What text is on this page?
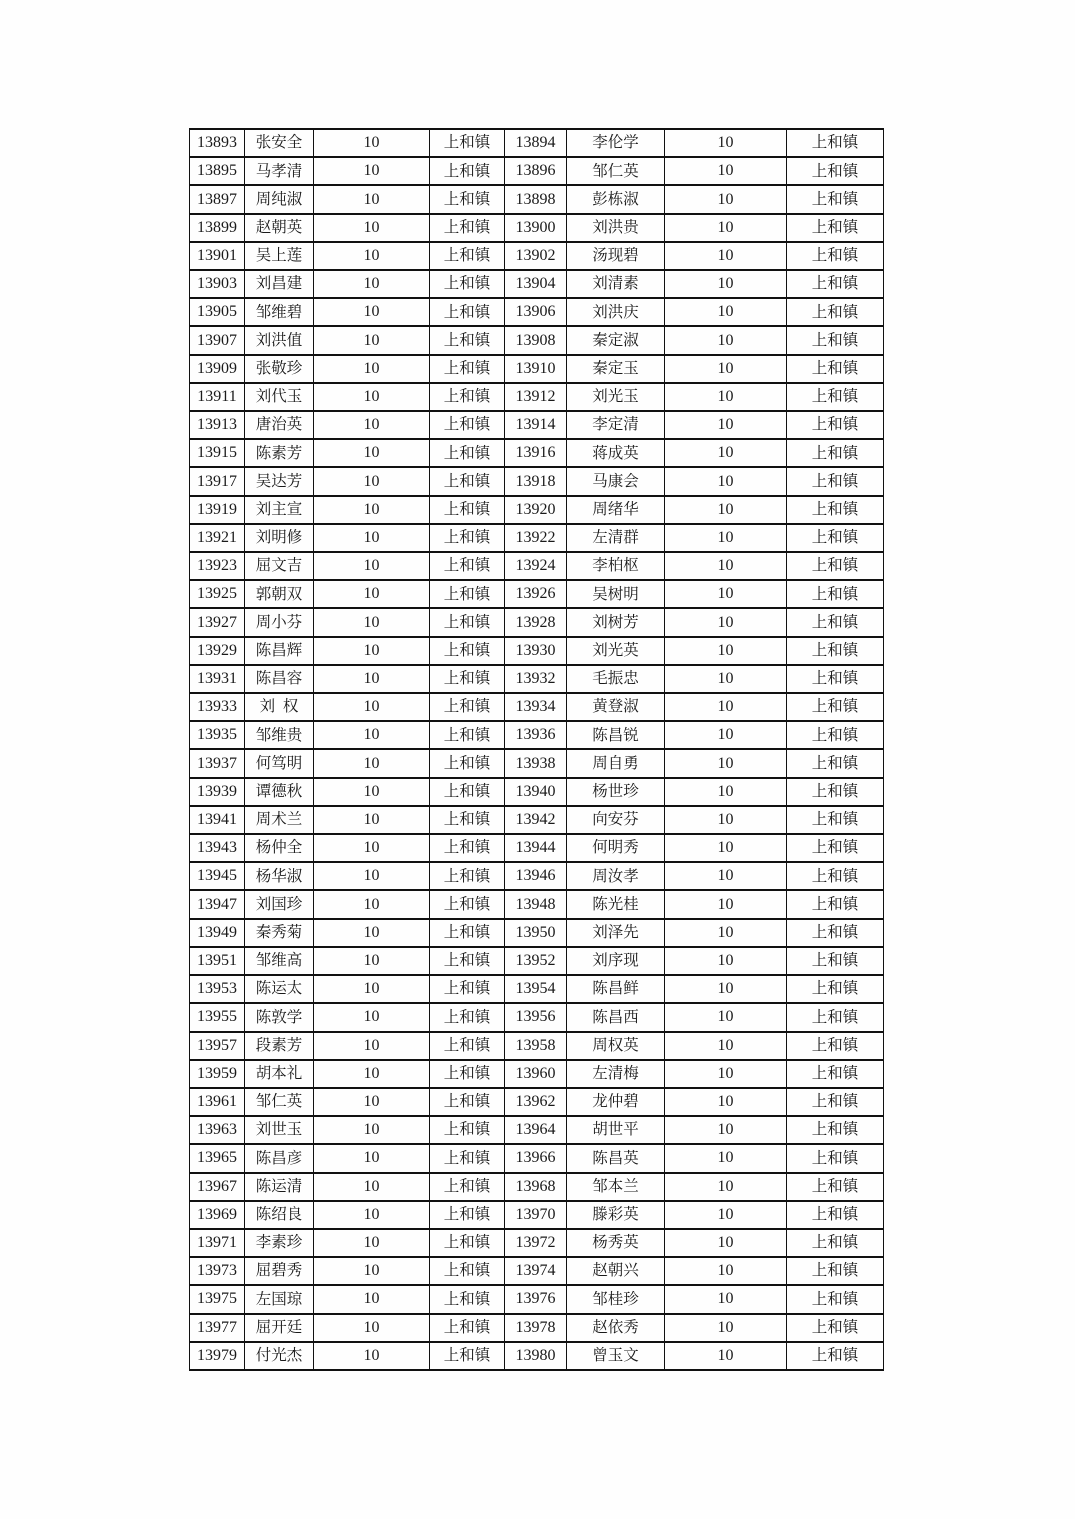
13893	张安全	10	上和镇	13894	李伦学	10	上和镇
13895	马孝清	10	上和镇	13896	邹仁英	10	上和镇
13897	周纯淑	10	上和镇	13898	彭栋淑	10	上和镇
13899	赵朝英	10	上和镇	13900	刘洪贵	10	上和镇
13901	吴上莲	10	上和镇	13902	汤现碧	10	上和镇
13903	刘昌建	10	上和镇	13904	刘清素	10	上和镇
13905	邹维碧	10	上和镇	13906	刘洪庆	10	上和镇
13907	刘洪值	10	上和镇	13908	秦定淑	10	上和镇
13909	张敬珍	10	上和镇	13910	秦定玉	10	上和镇
13911	刘代玉	10	上和镇	13912	刘光玉	10	上和镇
13913	唐治英	10	上和镇	13914	李定清	10	上和镇
13915	陈素芳	10	上和镇	13916	蒋成英	10	上和镇
13917	吴达芳	10	上和镇	13918	马康会	10	上和镇
13919	刘主宣	10	上和镇	13920	周绪华	10	上和镇
13921	刘明修	10	上和镇	13922	左清群	10	上和镇
13923	屈文吉	10	上和镇	13924	李柏枢	10	上和镇
13925	郭朝双	10	上和镇	13926	吴树明	10	上和镇
13927	周小芬	10	上和镇	13928	刘树芳	10	上和镇
13929	陈昌辉	10	上和镇	13930	刘光英	10	上和镇
13931	陈昌容	10	上和镇	13932	毛振忠	10	上和镇
13933	刘 权	10	上和镇	13934	黄登淑	10	上和镇
13935	邹维贵	10	上和镇	13936	陈昌锐	10	上和镇
13937	何笃明	10	上和镇	13938	周自勇	10	上和镇
13939	谭德秋	10	上和镇	13940	杨世珍	10	上和镇
13941	周术兰	10	上和镇	13942	向安芬	10	上和镇
13943	杨仲全	10	上和镇	13944	何明秀	10	上和镇
13945	杨华淑	10	上和镇	13946	周汝孝	10	上和镇
13947	刘国珍	10	上和镇	13948	陈光桂	10	上和镇
13949	秦秀菊	10	上和镇	13950	刘泽先	10	上和镇
13951	邹维高	10	上和镇	13952	刘序现	10	上和镇
13953	陈运太	10	上和镇	13954	陈昌鲜	10	上和镇
13955	陈敦学	10	上和镇	13956	陈昌西	10	上和镇
13957	段素芳	10	上和镇	13958	周权英	10	上和镇
13959	胡本礼	10	上和镇	13960	左清梅	10	上和镇
13961	邹仁英	10	上和镇	13962	龙仲碧	10	上和镇
13963	刘世玉	10	上和镇	13964	胡世平	10	上和镇
13965	陈昌彦	10	上和镇	13966	陈昌英	10	上和镇
13967	陈运清	10	上和镇	13968	邹本兰	10	上和镇
13969	陈绍良	10	上和镇	13970	滕彩英	10	上和镇
13971	李素珍	10	上和镇	13972	杨秀英	10	上和镇
13973	屈碧秀	10	上和镇	13974	赵朝兴	10	上和镇
13975	左国琼	10	上和镇	13976	邹桂珍	10	上和镇
13977	屈开廷	10	上和镇	13978	赵依秀	10	上和镇
13979	付光杰	10	上和镇	13980	曾玉文	10	上和镇
